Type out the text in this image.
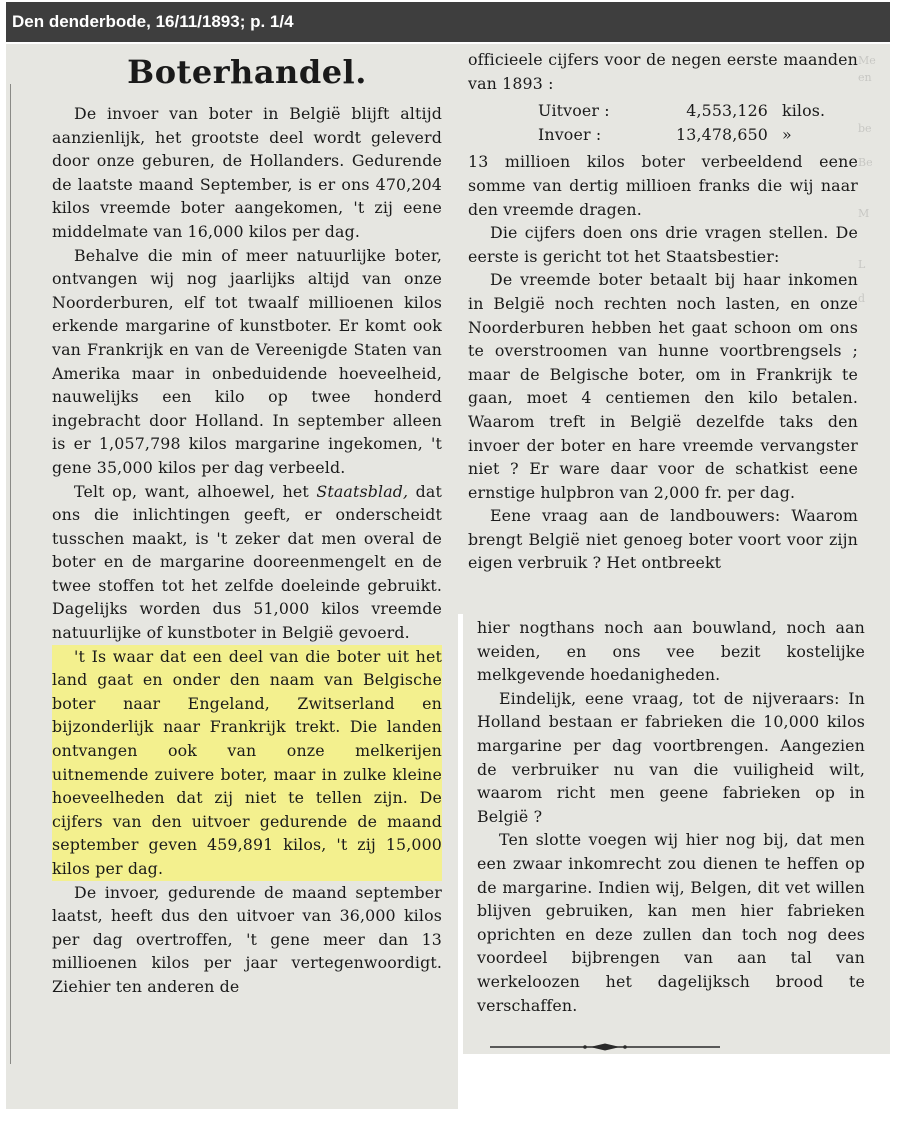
Den denderbode, 16/11/1893; p. 1/4
Boterhandel.

De invoer van boter in België blijft altijd aanzienlijk, het grootste deel wordt geleverd door onze geburen, de Hollanders. Gedurende de laatste maand September, is er ons 470,204 kilos vreemde boter aangekomen, 't zij eene middelmate van 16,000 kilos per dag.

Behalve die min of meer natuurlijke boter, ontvangen wij nog jaarlijks altijd van onze Noorderburen, elf tot twaalf millioenen kilos erkende margarine of kunstboter. Er komt ook van Frankrijk en van de Vereenigde Staten van Amerika maar in onbeduidende hoeveelheid, nauwelijks een kilo op twee honderd ingebracht door Holland. In september alleen is er 1,057,798 kilos margarine ingekomen, 't gene 35,000 kilos per dag verbeeld.

Telt op, want, alhoewel, het Staatsblad, dat ons die inlichtingen geeft, er onderscheidt tusschen maakt, is 't zeker dat men overal de boter en de margarine dooreenmengelt en de twee stoffen tot het zelfde doeleinde gebruikt. Dagelijks worden dus 51,000 kilos vreemde natuurlijke of kunstboter in België gevoerd.

't Is waar dat een deel van die boter uit het land gaat en onder den naam van Belgische boter naar Engeland, Zwitserland en bijzonderlijk naar Frankrijk trekt. Die landen ontvangen ook van onze melkerijen uitnemende zuivere boter, maar in zulke kleine hoeveelheden dat zij niet te tellen zijn. De cijfers van den uitvoer gedurende de maand september geven 459,891 kilos, 't zij 15,000 kilos per dag.

De invoer, gedurende de maand september laatst, heeft dus den uitvoer van 36,000 kilos per dag overtroffen, 't gene meer dan 13 millioenen kilos per jaar vertegenwoordigt. Ziehier ten anderen de

Me
en

be

Be

M

L

d

officieele cijfers voor de negen eerste maanden van 1893 :

Uitvoer :	4,553,126 kilos.
Invoer :	13,478,650 »

13 millioen kilos boter verbeeldend eene somme van dertig millioen franks die wij naar den vreemde dragen.

Die cijfers doen ons drie vragen stellen. De eerste is gericht tot het Staatsbestier:

De vreemde boter betaalt bij haar inkomen in België noch rechten noch lasten, en onze Noorderburen hebben het gaat schoon om ons te overstroomen van hunne voortbrengsels ; maar de Belgische boter, om in Frankrijk te gaan, moet 4 centiemen den kilo betalen. Waarom treft in België dezelfde taks den invoer der boter en hare vreemde vervangster niet ? Er ware daar voor de schatkist eene ernstige hulpbron van 2,000 fr. per dag.

Eene vraag aan de landbouwers: Waarom brengt België niet genoeg boter voort voor zijn eigen verbruik ? Het ontbreekt

hier nogthans noch aan bouwland, noch aan weiden, en ons vee bezit kostelijke melkgevende hoedanigheden.

Eindelijk, eene vraag, tot de nijveraars: In Holland bestaan er fabrieken die 10,000 kilos margarine per dag voortbrengen. Aangezien de verbruiker nu van die vuiligheid wilt, waarom richt men geene fabrieken op in België ?

Ten slotte voegen wij hier nog bij, dat men een zwaar inkomrecht zou dienen te heffen op de margarine. Indien wij, Belgen, dit vet willen blijven gebruiken, kan men hier fabrieken oprichten en deze zullen dan toch nog dees voordeel bijbrengen van aan tal van werkeloozen het dagelijksch brood te verschaffen.
